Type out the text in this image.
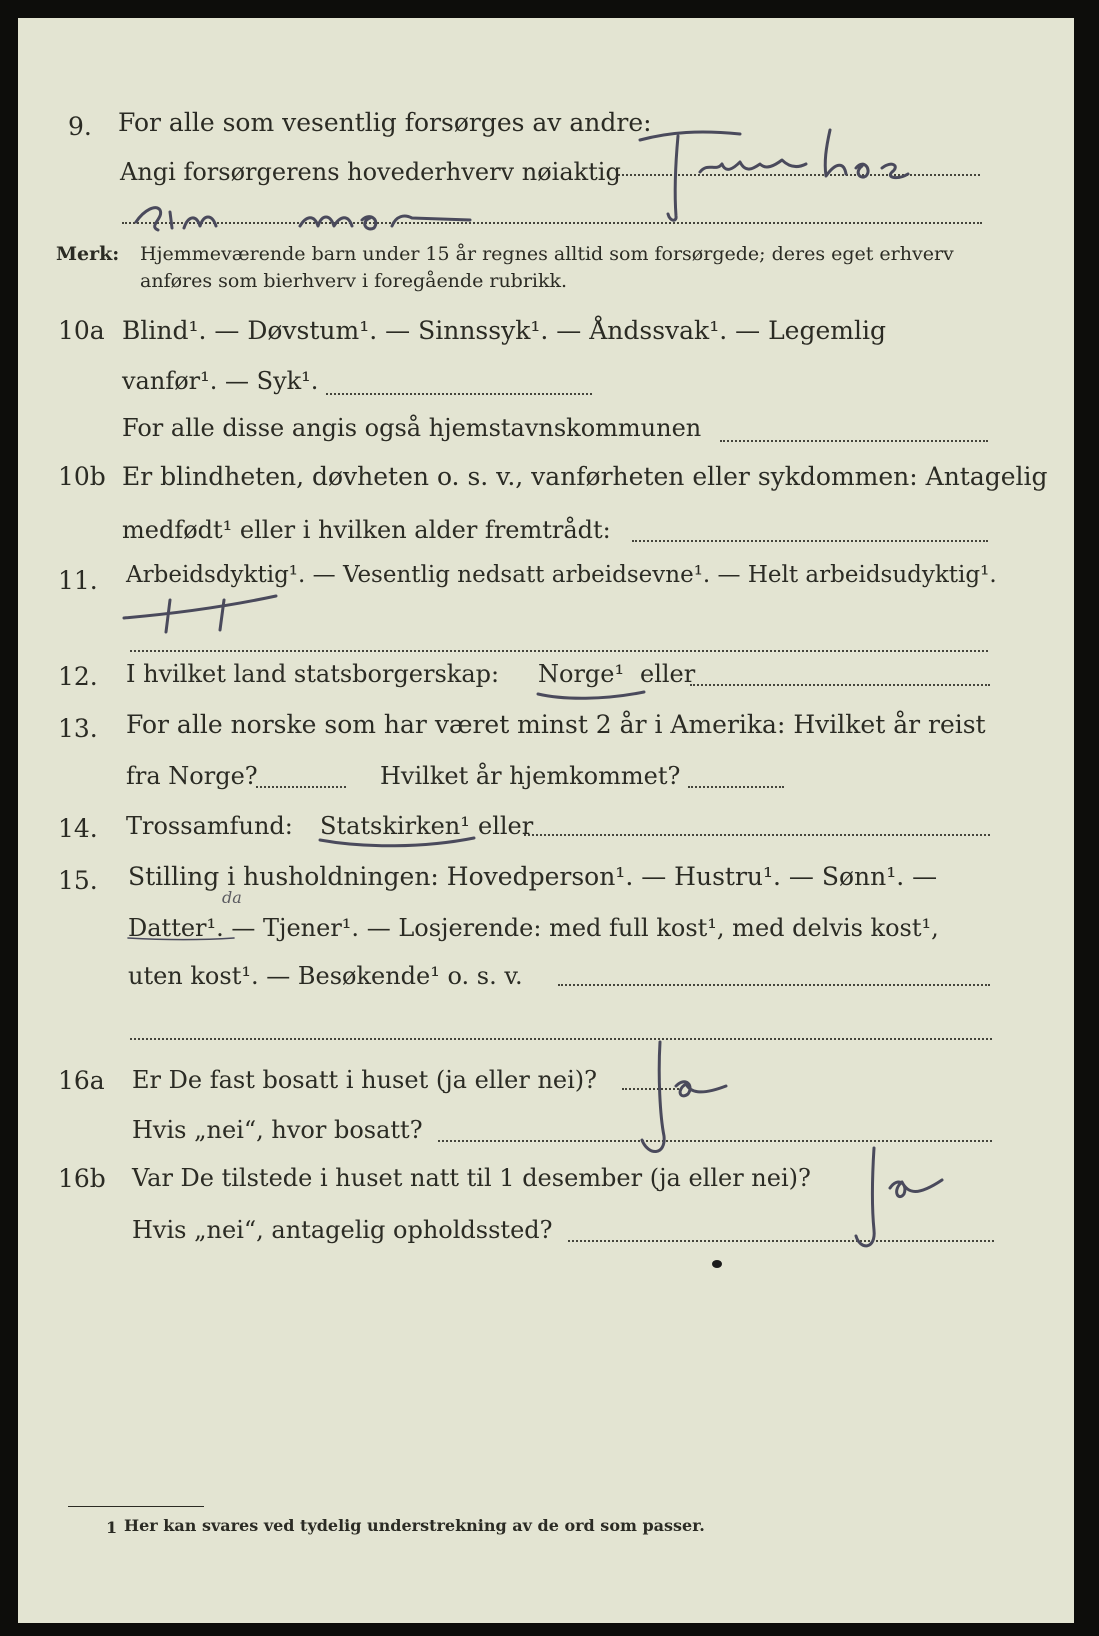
9. For alle som vesentlig forsørges av andre:
Angi forsørgerens hovederhverv nøiaktig
Merk: Hjemmeværende barn under 15 år regnes alltid som forsørgede; deres eget erhverv
anføres som bierhverv i foregående rubrikk.
10a Blind¹. — Døvstum¹. — Sinnssyk¹. — Åndssvak¹. — Legemlig
vanfør¹. — Syk¹.
For alle disse angis også hjemstavnskommunen
10b Er blindheten, døvheten o. s. v., vanførheten eller sykdommen: Antagelig
medfødt¹ eller i hvilken alder fremtrådt:
11. Arbeidsdyktig¹. — Vesentlig nedsatt arbeidsevne¹. — Helt arbeidsudyktig¹.
12. I hvilket land statsborgerskap: Norge¹ eller
13. For alle norske som har været minst 2 år i Amerika: Hvilket år reist
fra Norge?	Hvilket år hjemkommet?
14. Trossamfund: Statskirken¹ eller
15. Stilling i husholdningen: Hovedperson¹. — Hustru¹. — Sønn¹. —
da
Datter¹. — Tjener¹. — Losjerende: med full kost¹, med delvis kost¹,
uten kost¹. — Besøkende¹ o. s. v.
16a Er De fast bosatt i huset (ja eller nei)?
Hvis „nei“, hvor bosatt?
16b Var De tilstede i huset natt til 1 desember (ja eller nei)?
Hvis „nei“, antagelig opholdssted?
1 Her kan svares ved tydelig understrekning av de ord som passer.
